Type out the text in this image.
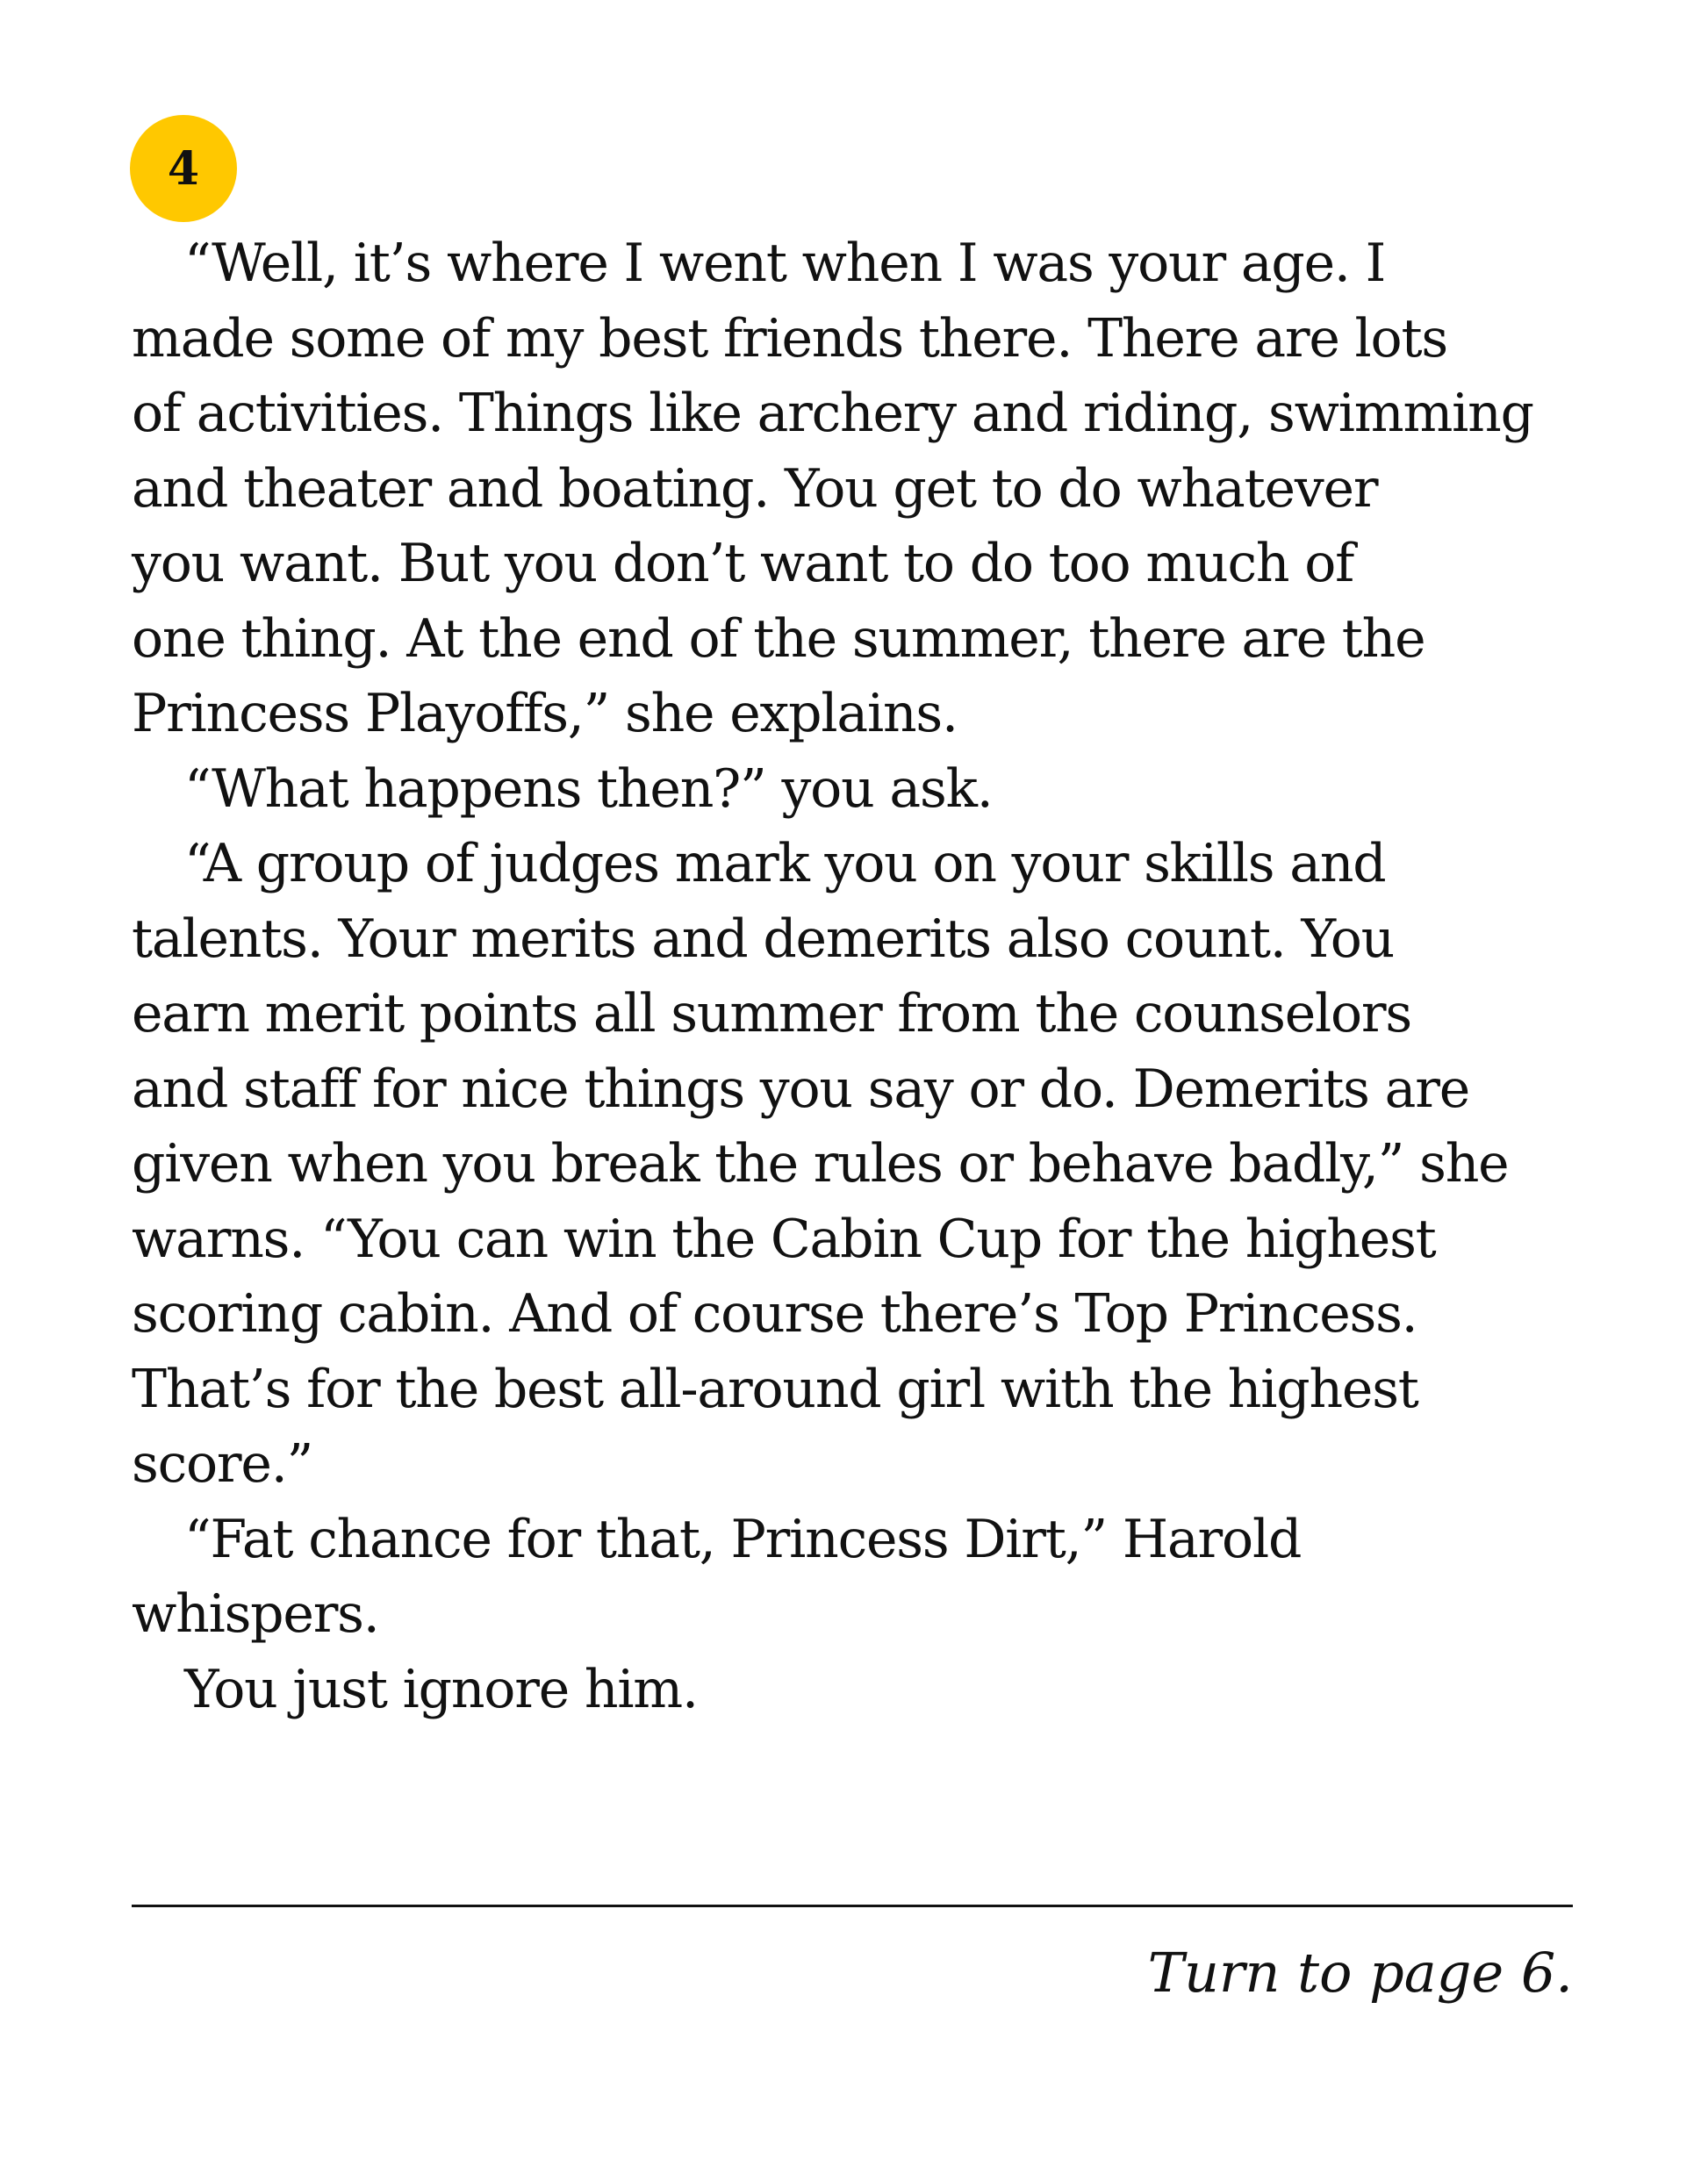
4
“Well, it’s where I went when I was your age. I
made some of my best friends there. There are lots
of activities. Things like archery and riding, swimming
and theater and boating. You get to do whatever
you want. But you don’t want to do too much of
one thing. At the end of the summer, there are the
Princess Playoffs,” she explains.
“What happens then?” you ask.
“A group of judges mark you on your skills and
talents. Your merits and demerits also count. You
earn merit points all summer from the counselors
and staff for nice things you say or do. Demerits are
given when you break the rules or behave badly,” she
warns. “You can win the Cabin Cup for the highest
scoring cabin. And of course there’s Top Princess.
That’s for the best all-around girl with the highest
score.”
“Fat chance for that, Princess Dirt,” Harold
whispers.
You just ignore him.
Turn to page 6.
